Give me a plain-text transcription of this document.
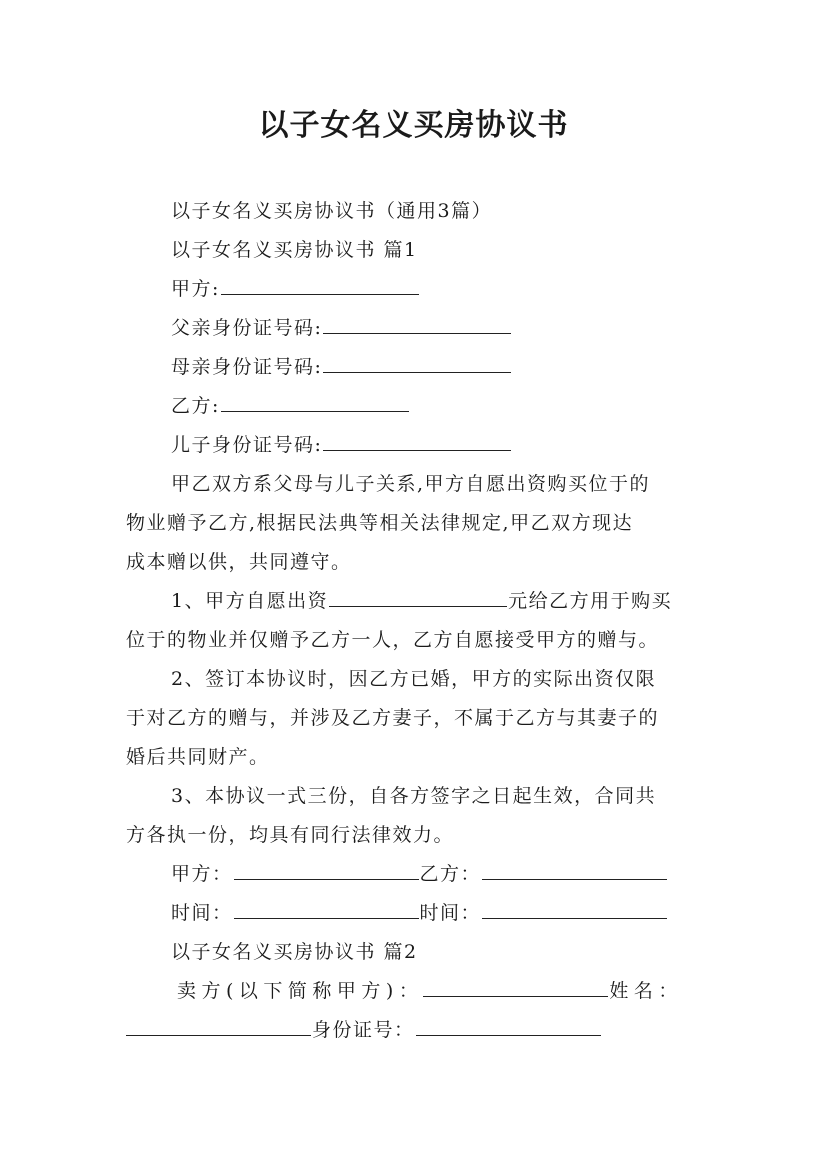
以子女名义买房协议书
以子女名义买房协议书（通用3篇）
以子女名义买房协议书 篇1
甲方:
父亲身份证号码:
母亲身份证号码:
乙方:
儿子身份证号码:
甲乙双方系父母与儿子关系,甲方自愿出资购买位于的
物业赠予乙方,根据民法典等相关法律规定,甲乙双方现达
成本赠以供，共同遵守。
1、甲方自愿出资	元给乙方用于购买
位于的物业并仅赠予乙方一人，乙方自愿接受甲方的赠与。
2、签订本协议时，因乙方已婚，甲方的实际出资仅限
于对乙方的赠与，并涉及乙方妻子，不属于乙方与其妻子的
婚后共同财产。
3、本协议一式三份，自各方签字之日起生效，合同共
方各执一份，均具有同行法律效力。
甲方：	乙方：
时间：	时间：
以子女名义买房协议书 篇2
卖方(以下简称甲方)：	姓名：
身份证号：
